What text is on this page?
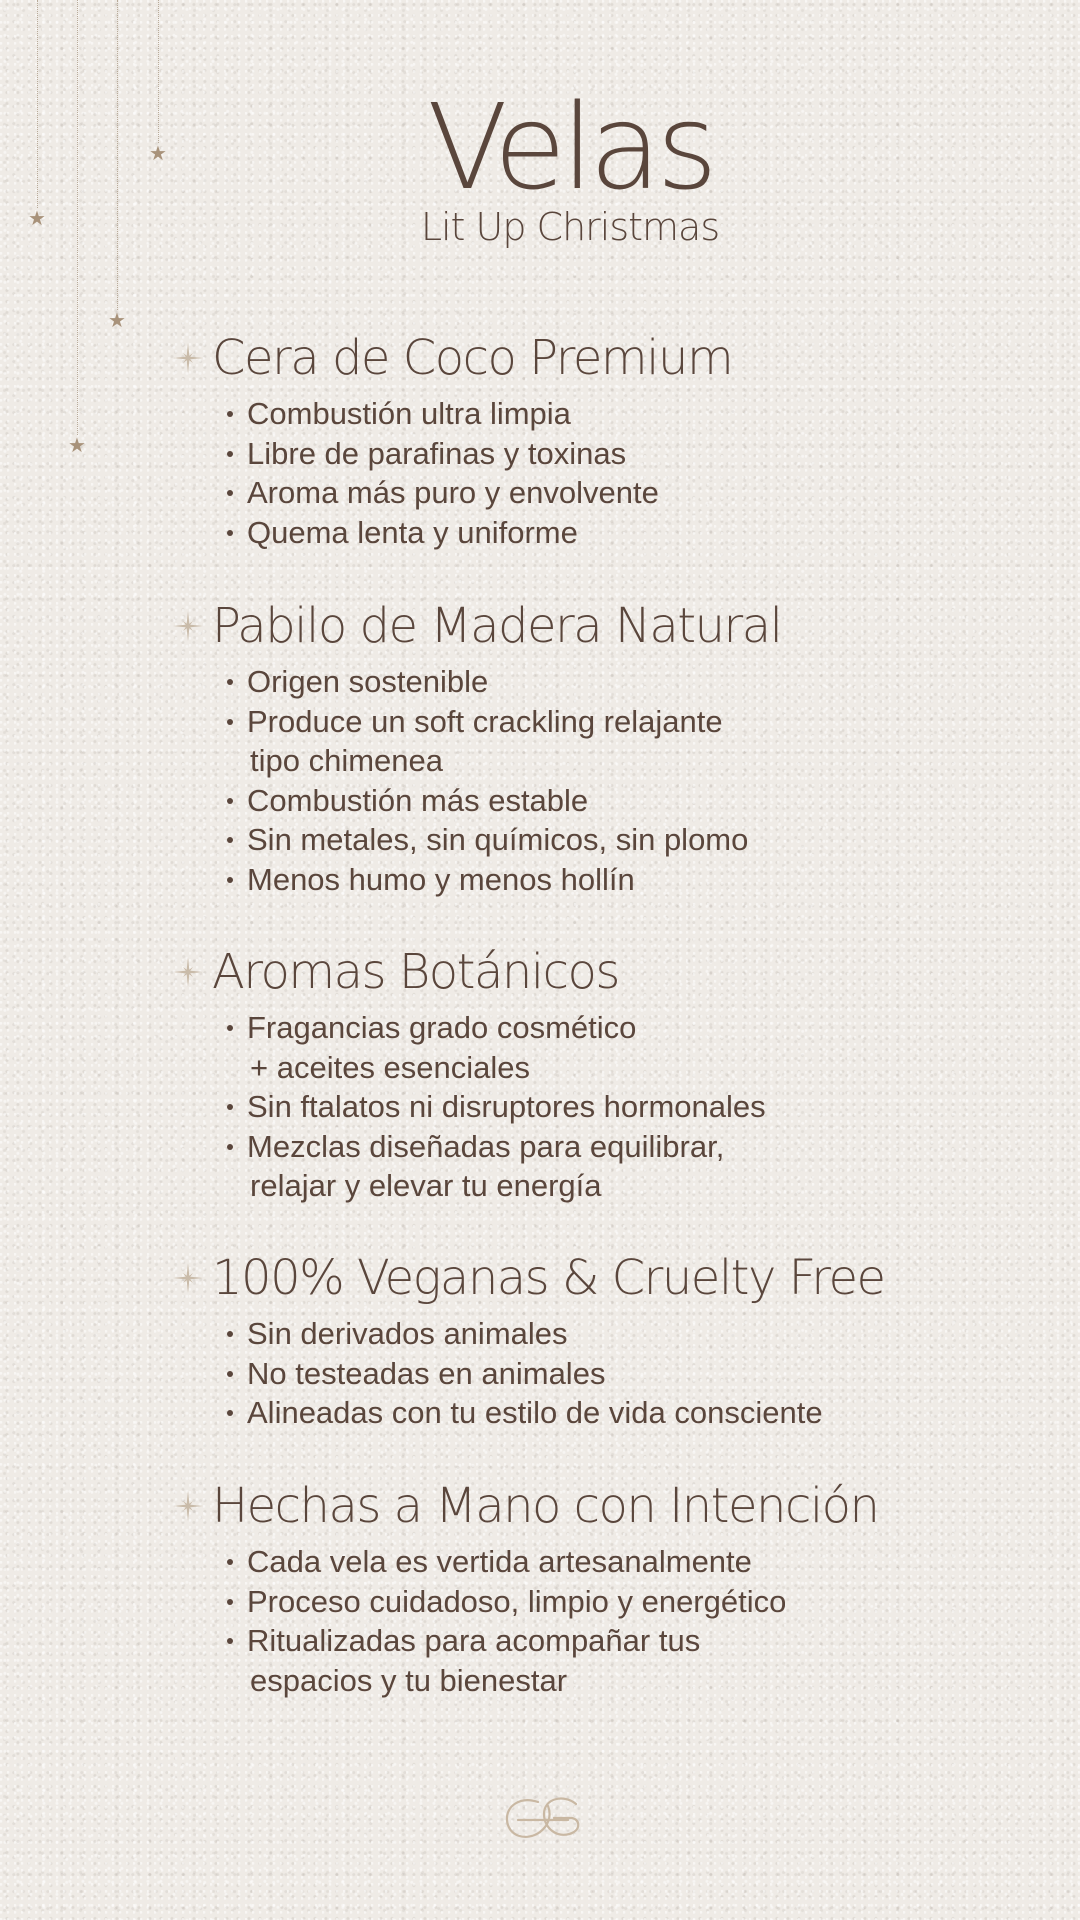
★
★
★
★	Velas
Lit Up Christmas
Cera de Coco Premium
Combustión ultra limpia
Libre de parafinas y toxinas
Aroma más puro y envolvente
Quema lenta y uniforme
Pabilo de Madera Natural
Origen sostenible
Produce un soft crackling relajante
tipo chimenea
Combustión más estable
Sin metales, sin químicos, sin plomo
Menos humo y menos hollín
Aromas Botánicos
Fragancias grado cosmético
+ aceites esenciales
Sin ftalatos ni disruptores hormonales
Mezclas diseñadas para equilibrar,
relajar y elevar tu energía
100% Veganas & Cruelty Free
Sin derivados animales
No testeadas en animales
Alineadas con tu estilo de vida consciente
Hechas a Mano con Intención
Cada vela es vertida artesanalmente
Proceso cuidadoso, limpio y energético
Ritualizadas para acompañar tus
espacios y tu bienestar
